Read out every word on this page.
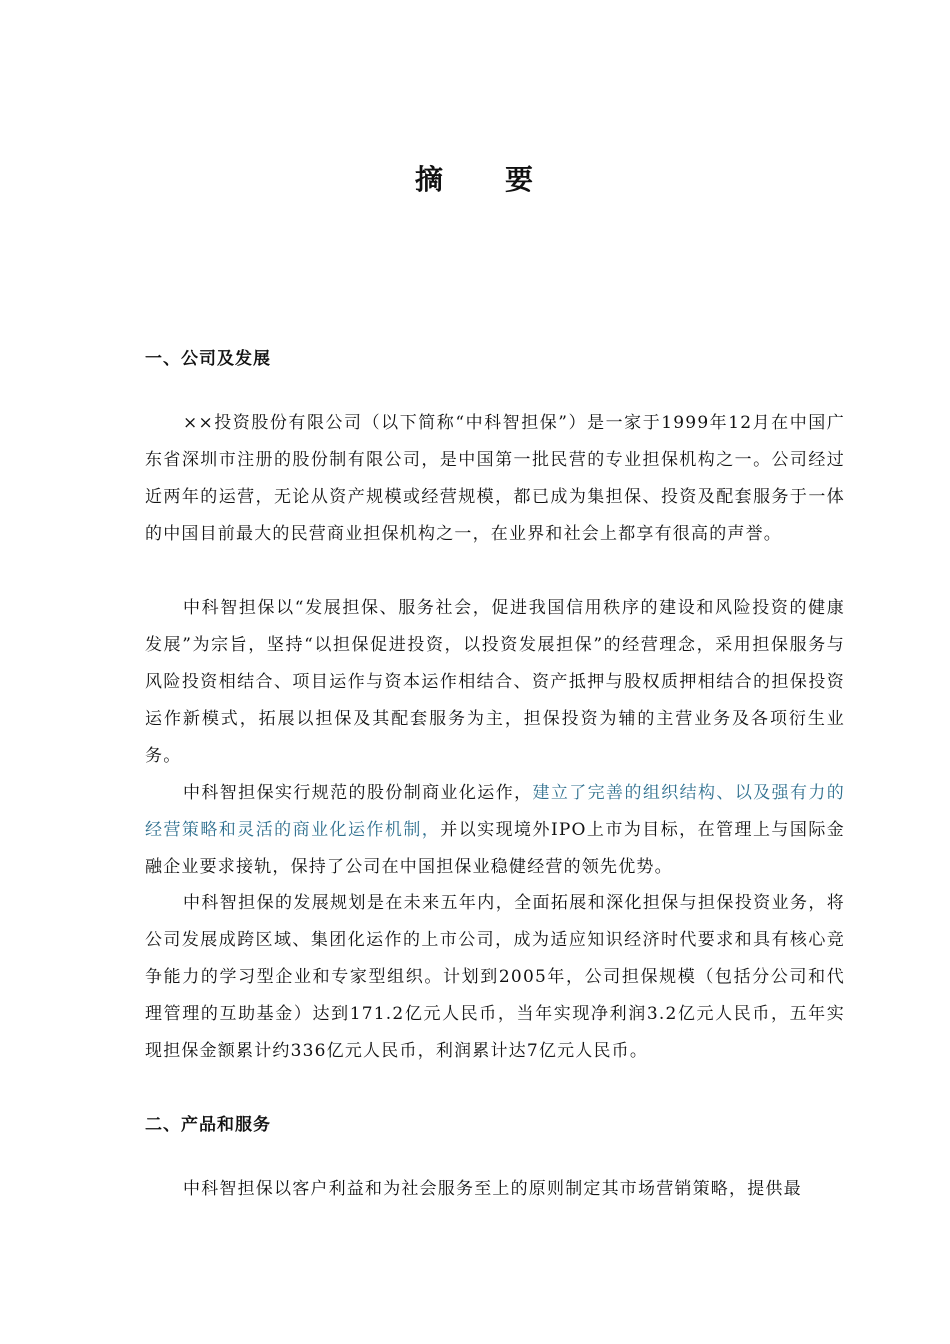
摘 要
一、公司及发展

××投资股份有限公司（以下简称“中科智担保”）是一家于1999年12月在中国广东省深圳市注册的股份制有限公司，是中国第一批民营的专业担保机构之一。公司经过近两年的运营，无论从资产规模或经营规模，都已成为集担保、投资及配套服务于一体的中国目前最大的民营商业担保机构之一，在业界和社会上都享有很高的声誉。

中科智担保以“发展担保、服务社会，促进我国信用秩序的建设和风险投资的健康发展”为宗旨，坚持“以担保促进投资，以投资发展担保”的经营理念，采用担保服务与风险投资相结合、项目运作与资本运作相结合、资产抵押与股权质押相结合的担保投资运作新模式，拓展以担保及其配套服务为主，担保投资为辅的主营业务及各项衍生业务。

中科智担保实行规范的股份制商业化运作，建立了完善的组织结构、以及强有力的经营策略和灵活的商业化运作机制，并以实现境外IPO上市为目标，在管理上与国际金融企业要求接轨，保持了公司在中国担保业稳健经营的领先优势。

中科智担保的发展规划是在未来五年内，全面拓展和深化担保与担保投资业务，将公司发展成跨区域、集团化运作的上市公司，成为适应知识经济时代要求和具有核心竞争能力的学习型企业和专家型组织。计划到2005年，公司担保规模（包括分公司和代理管理的互助基金）达到171.2亿元人民币，当年实现净利润3.2亿元人民币，五年实现担保金额累计约336亿元人民币，利润累计达7亿元人民币。

二、产品和服务

中科智担保以客户利益和为社会服务至上的原则制定其市场营销策略，提供最
